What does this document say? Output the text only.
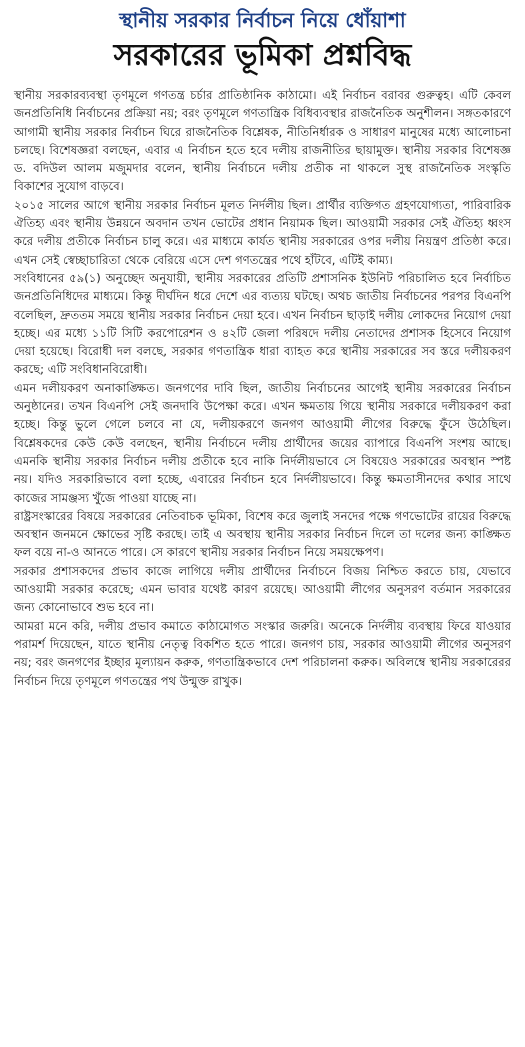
স্থানীয় সরকার নির্বাচন নিয়ে ধোঁয়াশা
সরকারের ভূমিকা প্রশ্নবিদ্ধ

স্থানীয় সরকারব্যবস্থা তৃণমূলে গণতন্ত্র চর্চার প্রাতিষ্ঠানিক কাঠামো। এই নির্বাচন বরাবর গুরুত্বহ। এটি কেবল জনপ্রতিনিধি নির্বাচনের প্রক্রিয়া নয়; বরং তৃণমূলে গণতান্ত্রিক বিধিব্যবস্থার রাজনৈতিক অনুশীলন। সঙ্গতকারণে আগামী স্থানীয় সরকার নির্বাচন ঘিরে রাজনৈতিক বিশ্লেষক, নীতিনির্ধারক ও সাধারণ মানুষের মধ্যে আলোচনা চলছে। বিশেষজ্ঞরা বলছেন, এবার এ নির্বাচন হতে হবে দলীয় রাজনীতির ছায়ামুক্ত। স্থানীয় সরকার বিশেষজ্ঞ ড. বদিউল আলম মজুমদার বলেন, স্থানীয় নির্বাচনে দলীয় প্রতীক না থাকলে সুস্থ রাজনৈতিক সংস্কৃতি বিকাশের সুযোগ বাড়বে।

২০১৫ সালের আগে স্থানীয় সরকার নির্বাচন মূলত নির্দলীয় ছিল। প্রার্থীর ব্যক্তিগত গ্রহণযোগ্যতা, পারিবারিক ঐতিহ্য এবং স্থানীয় উন্নয়নে অবদান তখন ভোটের প্রধান নিয়ামক ছিল। আওয়ামী সরকার সেই ঐতিহ্য ধ্বংস করে দলীয় প্রতীকে নির্বাচন চালু করে। এর মাধ্যমে কার্যত স্থানীয় সরকারের ওপর দলীয় নিয়ন্ত্রণ প্রতিষ্ঠা করে। এখন সেই স্বেচ্ছাচারিতা থেকে বেরিয়ে এসে দেশ গণতন্ত্রের পথে হাঁটবে, এটিই কাম্য।

সংবিধানের ৫৯(১) অনুচ্ছেদ অনুযায়ী, স্থানীয় সরকারের প্রতিটি প্রশাসনিক ইউনিট পরিচালিত হবে নির্বাচিত জনপ্রতিনিধিদের মাধ্যমে। কিন্তু দীর্ঘদিন ধরে দেশে এর ব্যত্যয় ঘটছে। অথচ জাতীয় নির্বাচনের পরপর বিএনপি বলেছিল, দ্রুততম সময়ে স্থানীয় সরকার নির্বাচন দেয়া হবে। এখন নির্বাচন ছাড়াই দলীয় লোকদের নিয়োগ দেয়া হচ্ছে। এর মধ্যে ১১টি সিটি করপোরেশন ও ৪২টি জেলা পরিষদে দলীয় নেতাদের প্রশাসক হিসেবে নিয়োগ দেয়া হয়েছে। বিরোধী দল বলছে, সরকার গণতান্ত্রিক ধারা ব্যাহত করে স্থানীয় সরকারের সব স্তরে দলীয়করণ করছে; এটি সংবিধানবিরোধী।

এমন দলীয়করণ অনাকাঙ্ক্ষিত। জনগণের দাবি ছিল, জাতীয় নির্বাচনের আগেই স্থানীয় সরকারের নির্বাচন অনুষ্ঠানের। তখন বিএনপি সেই জনদাবি উপেক্ষা করে। এখন ক্ষমতায় গিয়ে স্থানীয় সরকারে দলীয়করণ করা হচ্ছে। কিন্তু ভুলে গেলে চলবে না যে, দলীয়করণে জনগণ আওয়ামী লীগের বিরুদ্ধে ফুঁসে উঠেছিল। বিশ্লেষকদের কেউ কেউ বলছেন, স্থানীয় নির্বাচনে দলীয় প্রার্থীদের জয়ের ব্যাপারে বিএনপি সংশয় আছে। এমনকি স্থানীয় সরকার নির্বাচন দলীয় প্রতীকে হবে নাকি নির্দলীয়ভাবে সে বিষয়েও সরকারের অবস্থান স্পষ্ট নয়। যদিও সরকারিভাবে বলা হচ্ছে, এবারের নির্বাচন হবে নির্দলীয়ভাবে। কিন্তু ক্ষমতাসীনদের কথার সাথে কাজের সামঞ্জস্য খুঁজে পাওয়া যাচ্ছে না।

রাষ্ট্রসংস্কারের বিষয়ে সরকারের নেতিবাচক ভূমিকা, বিশেষ করে জুলাই সনদের পক্ষে গণভোটের রায়ের বিরুদ্ধে অবস্থান জনমনে ক্ষোভের সৃষ্টি করছে। তাই এ অবস্থায় স্থানীয় সরকার নির্বাচন দিলে তা দলের জন্য কাঙ্ক্ষিত ফল বয়ে না-ও আনতে পারে। সে কারণে স্থানীয় সরকার নির্বাচন নিয়ে সময়ক্ষেপণ।

সরকার প্রশাসকদের প্রভাব কাজে লাগিয়ে দলীয় প্রার্থীদের নির্বাচনে বিজয় নিশ্চিত করতে চায়, যেভাবে আওয়ামী সরকার করেছে; এমন ভাবার যথেষ্ট কারণ রয়েছে। আওয়ামী লীগের অনুসরণ বর্তমান সরকারের জন্য কোনোভাবে শুভ হবে না।

আমরা মনে করি, দলীয় প্রভাব কমাতে কাঠামোগত সংস্কার জরুরি। অনেকে নির্দলীয় ব্যবস্থায় ফিরে যাওয়ার পরামর্শ দিয়েছেন, যাতে স্থানীয় নেতৃত্ব বিকশিত হতে পারে। জনগণ চায়, সরকার আওয়ামী লীগের অনুসরণ নয়; বরং জনগণের ইচ্ছার মূল্যায়ন করুক, গণতান্ত্রিকভাবে দেশ পরিচালনা করুক। অবিলম্বে স্থানীয় সরকারেরর নির্বাচন দিয়ে তৃণমূলে গণতন্ত্রের পথ উন্মুক্ত রাখুক।
